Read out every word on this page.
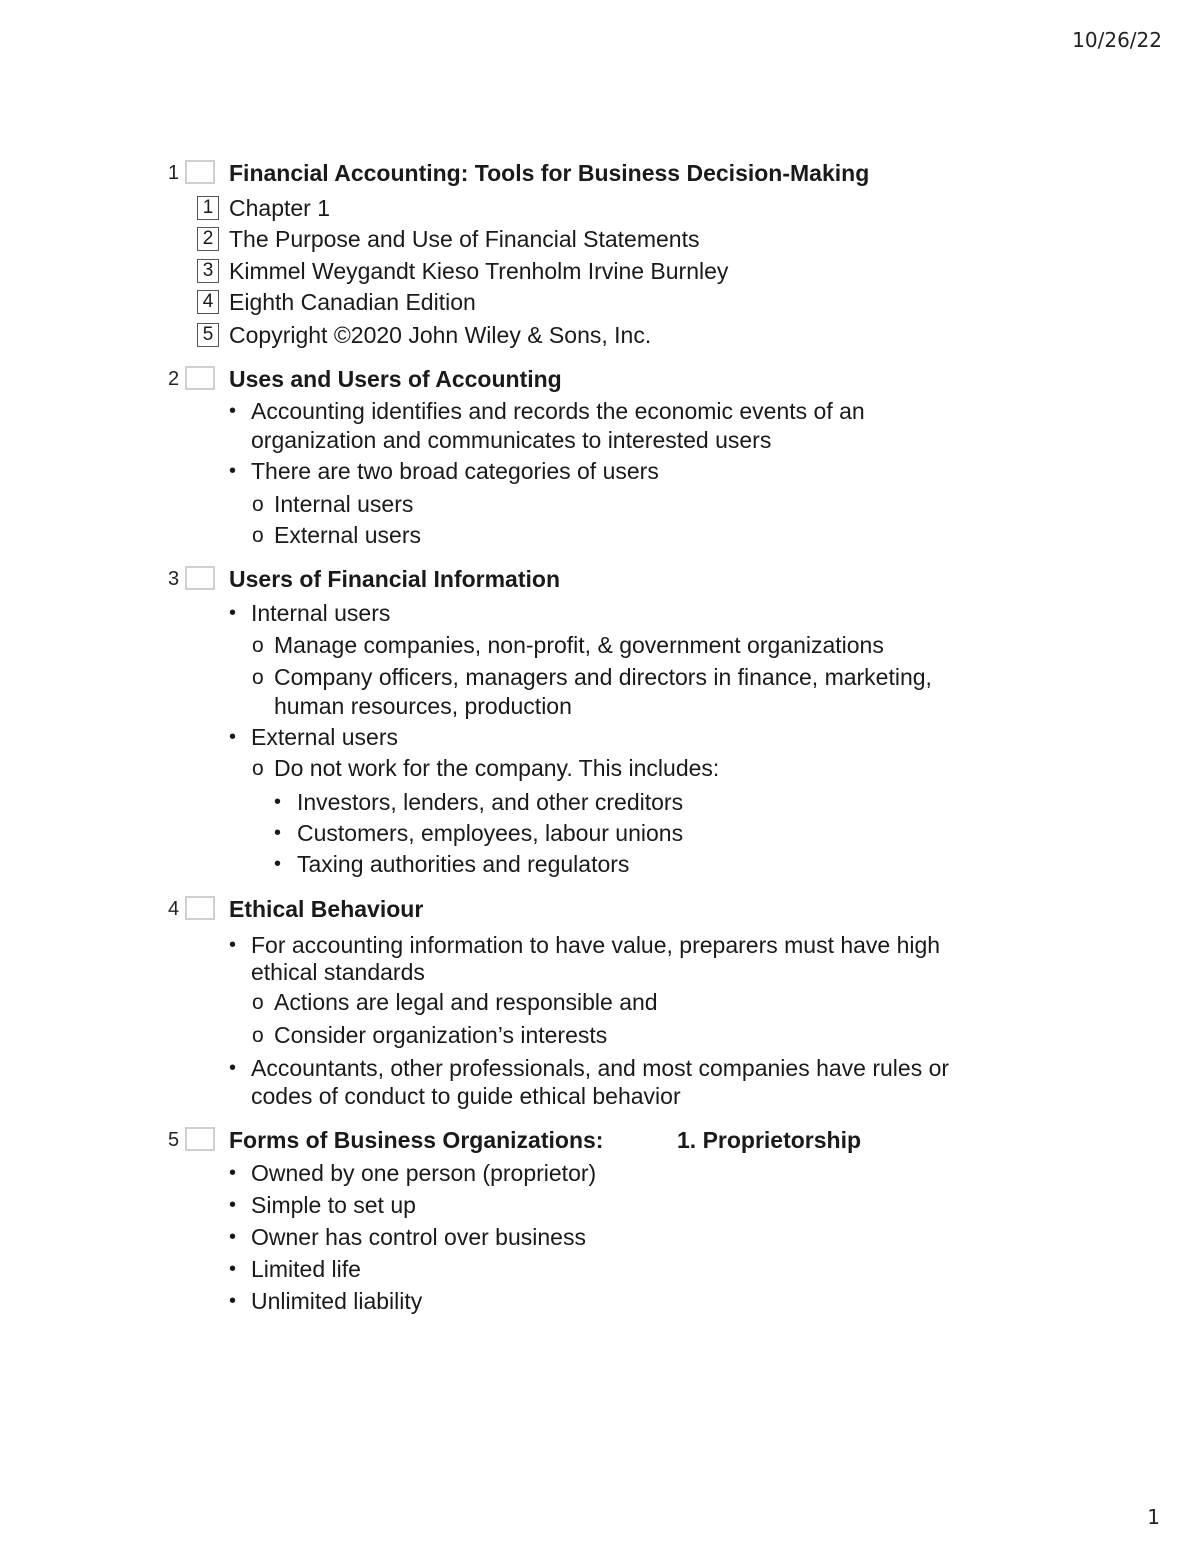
10/26/22
1 Financial Accounting: Tools for Business Decision-Making
1 Chapter 1
2 The Purpose and Use of Financial Statements
3 Kimmel Weygandt Kieso Trenholm Irvine Burnley
4 Eighth Canadian Edition
5 Copyright ©2020 John Wiley & Sons, Inc.
2 Uses and Users of Accounting
• Accounting identifies and records the economic events of an
organization and communicates to interested users
• There are two broad categories of users
o Internal users
o External users
3 Users of Financial Information
• Internal users
o Manage companies, non-profit, & government organizations
o Company officers, managers and directors in finance, marketing,
human resources, production
• External users
o Do not work for the company. This includes:
• Investors, lenders, and other creditors
• Customers, employees, labour unions
• Taxing authorities and regulators
4 Ethical Behaviour
• For accounting information to have value, preparers must have high
ethical standards
o Actions are legal and responsible and
o Consider organization’s interests
• Accountants, other professionals, and most companies have rules or
codes of conduct to guide ethical behavior
5 Forms of Business Organizations:	1. Proprietorship
• Owned by one person (proprietor)
• Simple to set up
• Owner has control over business
• Limited life
• Unlimited liability
1
